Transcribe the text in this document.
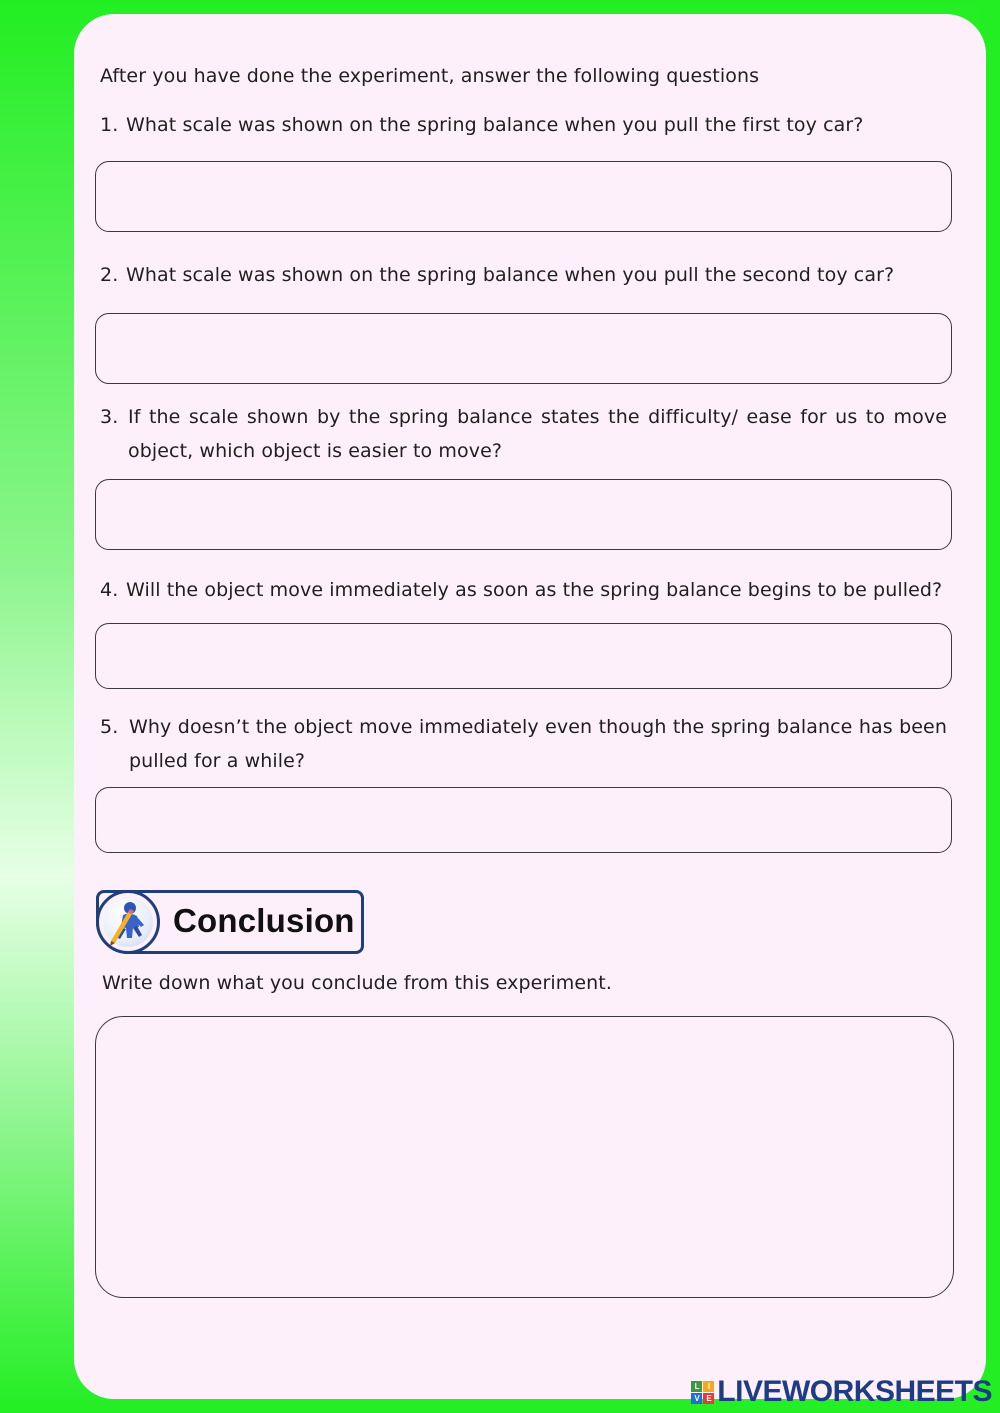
After you have done the experiment, answer the following questions
1. What scale was shown on the spring balance when you pull the first toy car?
2. What scale was shown on the spring balance when you pull the second toy car?
3. If the scale shown by the spring balance states the difficulty/ ease for us to move object, which object is easier to move?
4. Will the object move immediately as soon as the spring balance begins to be pulled?
5. Why doesn’t the object move immediately even though the spring balance has been pulled for a while?
Conclusion
Write down what you conclude from this experiment.
L	I
V E LIVEWORKSHEETS
